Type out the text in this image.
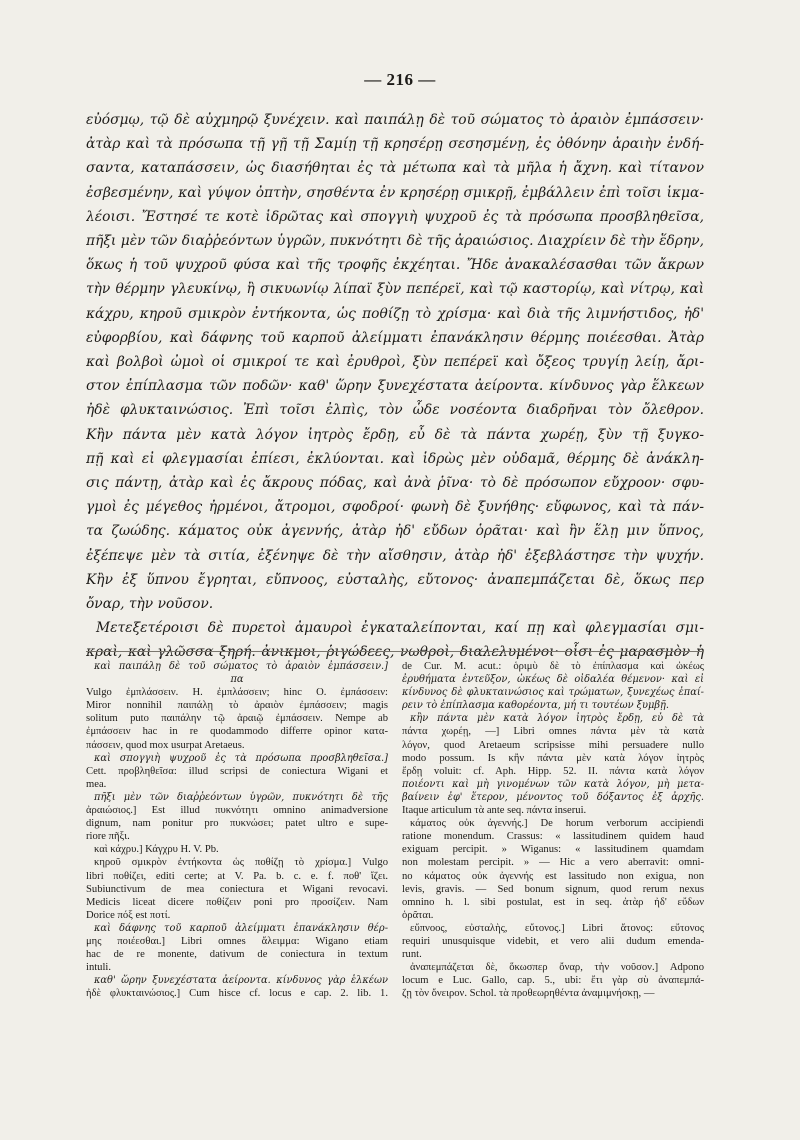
— 216 —
εὐόσμῳ, τῷ δὲ αὐχμηρῷ ξυνέχειν. καὶ παιπάλῃ δὲ τοῦ σώματος τὸ ἀραιὸν ἐμπάσσειν·
ἀτὰρ καὶ τὰ πρόσωπα τῇ γῇ τῇ Σαμίῃ τῇ κρησέρῃ σεσησμένῃ, ἐς ὀθόνην ἀραιὴν ἐνδή-
σαντα, καταπάσσειν, ὡς διασήθηται ἐς τὰ μέτωπα καὶ τὰ μῆλα ἡ ἄχνη. καὶ τίτανον
ἐσβεσμένην, καὶ γύψον ὀπτὴν, σησθέντα ἐν κρησέρῃ σμικρῇ, ἐμβάλλειν ἐπὶ τοῖσι ἱκμα-
λέοισι. Ἔστησέ τε κοτὲ ἱδρῶτας καὶ σπογγιὴ ψυχροῦ ἐς τὰ πρόσωπα προσβληθεῖσα,
πῆξι μὲν τῶν διαῤῥεόντων ὑγρῶν, πυκνότητι δὲ τῆς ἀραιώσιος. Διαχρίειν δὲ τὴν ἕδρην,
ὅκως ἡ τοῦ ψυχροῦ φύσα καὶ τῆς τροφῆς ἐκχέηται. Ἤδε ἀνακαλέσασθαι τῶν ἄκρων
τὴν θέρμην γλευκίνῳ, ἢ σικυωνίῳ λίπαϊ ξὺν πεπέρεϊ, καὶ τῷ καστορίῳ, καὶ νίτρῳ, καὶ
κάχρυ, κηροῦ σμικρὸν ἐντήκοντα, ὡς ποθίζῃ τὸ χρίσμα· καὶ διὰ τῆς λιμνήστιδος, ἠδ'
εὐφορβίου, καὶ δάφνης τοῦ καρποῦ ἀλείμματι ἐπανάκλησιν θέρμης ποιέεσθαι. Ἀτὰρ
καὶ βολβοὶ ὠμοὶ οἱ σμικροί τε καὶ ἐρυθροὶ, ξὺν πεπέρεϊ καὶ ὄξεος τρυγίῃ λείῃ, ἄρι-
στον ἐπίπλασμα τῶν ποδῶν· καθ' ὥρην ξυνεχέστατα ἀείροντα. κίνδυνος γὰρ ἕλκεων
ἠδὲ φλυκταινώσιος. Ἐπὶ τοῖσι ἐλπὶς, τὸν ὧδε νοσέοντα διαδρῆναι τὸν ὄλεθρον.
Κἢν πάντα μὲν κατὰ λόγον ἰητρὸς ἔρδῃ, εὖ δὲ τὰ πάντα χωρέῃ, ξὺν τῇ ξυγκο-
πῇ καὶ εἰ φλεγμασίαι ἐπίεσι, ἐκλύονται. καὶ ἱδρὼς μὲν οὐδαμᾶ, θέρμης δὲ ἀνάκλη-
σις πάντῃ, ἀτὰρ καὶ ἐς ἄκρους πόδας, καὶ ἀνὰ ῥῖνα· τὸ δὲ πρόσωπον εὔχροον· σφυ-
γμοὶ ἐς μέγεθος ἠρμένοι, ἄτρομοι, σφοδροί· φωνὴ δὲ ξυνήθης· εὔφωνος, καὶ τὰ πάν-
τα ζωώδης. κάματος οὐκ ἀγεννής, ἀτὰρ ἠδ' εὔδων ὁρᾶται· καὶ ἢν ἕλῃ μιν ὕπνος,
ἐξέπεψε μὲν τὰ σιτία, ἐξένηψε δὲ τὴν αἴσθησιν, ἀτὰρ ἠδ' ἐξεβλάστησε τὴν ψυχήν.
Κἢν ἐξ ὕπνου ἔγρηται, εὔπνοος, εὐσταλὴς, εὔτονος· ἀναπεμπάζεται δὲ, ὅκως περ
ὄναρ, τὴν νοῦσον.
Μετεξετέροισι δὲ πυρετοὶ ἀμαυροὶ ἐγκαταλείπονται, καί πῃ καὶ φλεγμασίαι σμι-
κραὶ, καὶ γλῶσσα ξηρή. ἀνικμοι, ῥιγώδεες, νωθροὶ, διαλελυμένοι· οἷσι ἐς μαρασμὸν ἡ
καὶ παιπάλῃ δὲ τοῦ σώματος τὸ ἀραιὸν ἐμπάσσειν.]
πα
Vulgo ἐμπλάσσειν. H. ἐμπλάσσειν; hinc O. ἐμπάσσειν:
Miror nonnihil παιπάλῃ τὸ ἀραιὸν ἐμπάσσειν; magis
solitum puto παιπάλην τῷ ἀραιῷ ἐμπάσσειν. Nempe ab
ἐμπάσσειν hac in re quodammodo differre opinor κατα-
πάσσειν, quod mox usurpat Aretaeus.
καὶ σπογγιὴ ψυχροῦ ἐς τὰ πρόσωπα προσβληθεῖσα.]
Cett. προβληθεῖσα: illud scripsi de coniectura Wigani et
mea.
πῆξι μὲν τῶν διαῤῥεόντων ὑγρῶν, πυκνότητι δὲ τῆς
ἀραιώσιος.] Est illud πυκνότητι omnino animadversione
dignum, nam ponitur pro πυκνώσει; patet ultro e supe-
riore πῆξι.
καὶ κάχρυ.] Κάγχρυ H. V. Pb.
κηροῦ σμικρὸν ἐντήκοντα ὡς ποθίζῃ τὸ χρίσμα.] Vulgo
libri ποθίζει, editi certe; at V. Pa. b. c. e. f. ποθ' ἴζει.
Subiunctivum de mea coniectura et Wigani revocavi.
Medicis liceat dicere ποθίζειν poni pro προσίζειν. Nam
Dorice πόξ est ποτί.
καὶ δάφνης τοῦ καρποῦ ἀλείμματι ἐπανάκλησιν θέρ-
μης ποιέεσθαι.] Libri omnes ἄλειμμα: Wigano etiam
hac de re monente, dativum de coniectura in textum
intuli.
καθ' ὥρην ξυνεχέστατα ἀείροντα. κίνδυνος γὰρ ἑλκέων
ἠδὲ φλυκταινώσιος.] Cum hisce cf. locus e cap. 2. lib. 1.
de Cur. M. acut.: ὁριμὺ δὲ τὸ ἐπίπλασμα καὶ ὠκέως
ἐρυθήματα ἐντεῦξον, ὠκέως δὲ οἰδαλέα θέμενον· καὶ εἰ
κίνδυνος δὲ φλυκταινώσιος καὶ τρώματων, ξυνεχέως ἐπαί-
ρειν τὸ ἐπίπλασμα καθορέοντα, μή τι τουτέων ξυμβῇ.
κἢν πάντα μὲν κατὰ λόγον ἰητρὸς ἔρδῃ, εὖ δὲ τὰ
πάντα χωρέῃ, —] Libri omnes πάντα μὲν τὰ κατὰ
λόγον, quod Aretaeum scripsisse mihi persuadere nullo
modo possum. Is κἢν πάντα μὲν κατὰ λόγον ἰητρὸς
ἔρδῃ voluit: cf. Aph. Hipp. 52. II. πάντα κατὰ λόγον
ποιέοντι καὶ μὴ γινομένων τῶν κατὰ λόγον, μὴ μετα-
βαίνειν ἐφ' ἕτερον, μένοντος τοῦ δόξαντος ἐξ ἀρχῆς.
Itaque articulum τὰ ante seq. πάντα inserui.
κάματος οὐκ ἀγεννής.] De horum verborum accipiendi
ratione monendum. Crassus: « lassitudinem quidem haud
exiguam percipit. » Wiganus: « lassitudinem quamdam
non molestam percipit. » — Hic a vero aberravit: omni-
no κάματος οὐκ ἀγεννής est lassitudo non exigua, non
levis, gravis. — Sed bonum signum, quod rerum nexus
omnino h. l. sibi postulat, est in seq. ἀτὰρ ἠδ' εὔδων
ὁρᾶται.
εὔπνοος, εὐσταλὴς, εὔτονος.] Libri ἄτονος: εὔτονος
requiri unusquisque videbit, et vero alii dudum emenda-
runt.
ἀναπεμπάζεται δὲ, ὅκωσπερ ὄναρ, τὴν νοῦσον.] Adpono
locum e Luc. Gallo, cap. 5., ubi: ἔτι γὰρ σὺ ἀναπεμπά-
ζῃ τὸν ὄνειρον. Schol. τὰ προθεωρηθέντα ἀναμιμνήσκῃ, —
